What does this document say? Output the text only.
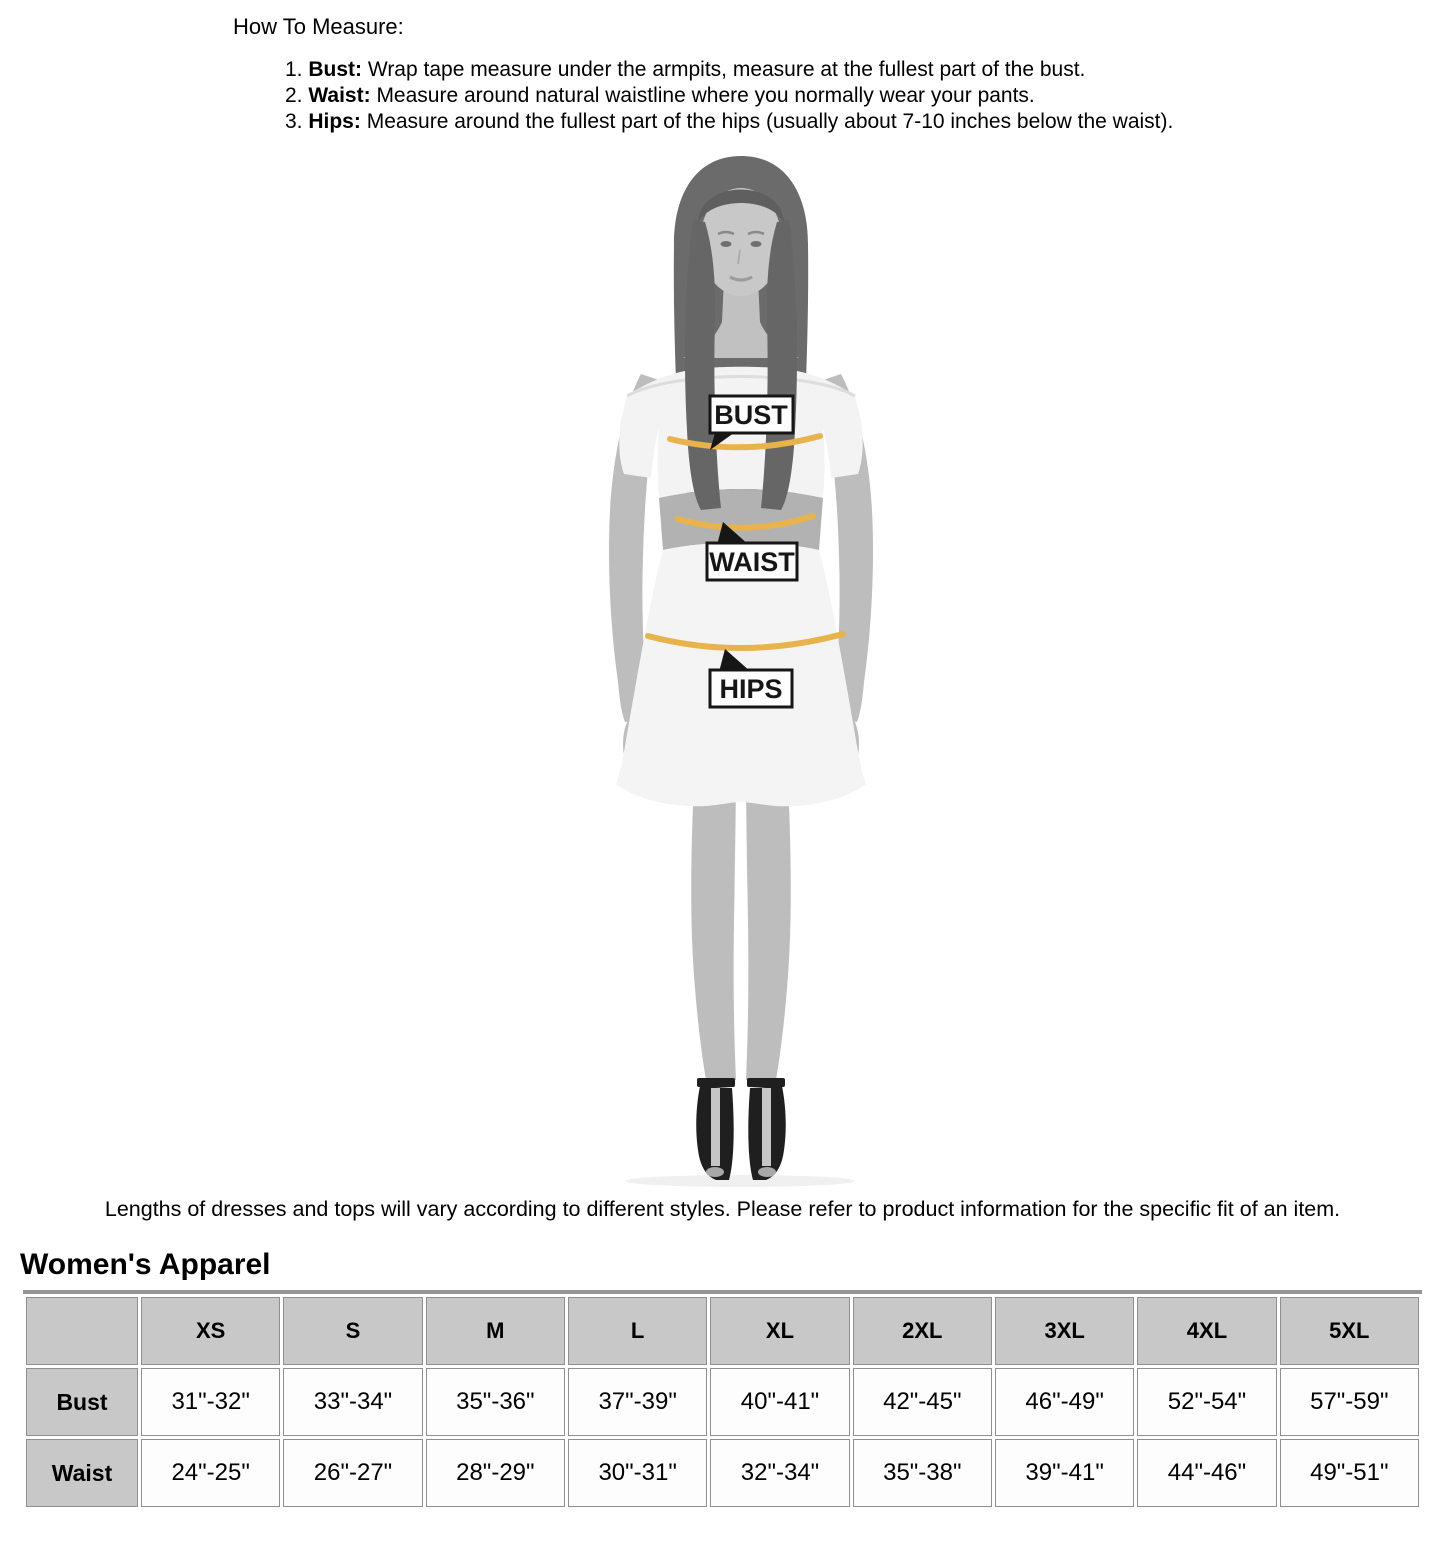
How To Measure:
1. Bust: Wrap tape measure under the armpits, measure at the fullest part of the bust.
2. Waist: Measure around natural waistline where you normally wear your pants.
3. Hips: Measure around the fullest part of the hips (usually about 7-10 inches below the waist).
BUST
WAIST
HIPS

Lengths of dresses and tops will vary according to different styles. Please refer to product information for the specific fit of an item.

Women's Apparel
	XS	S	M	L	XL	2XL	3XL	4XL	5XL
Bust	31"-32"	33"-34"	35"-36"	37"-39"	40"-41"	42"-45"	46"-49"	52"-54"	57"-59"
Waist	24"-25"	26"-27"	28"-29"	30"-31"	32"-34"	35"-38"	39"-41"	44"-46"	49"-51"
